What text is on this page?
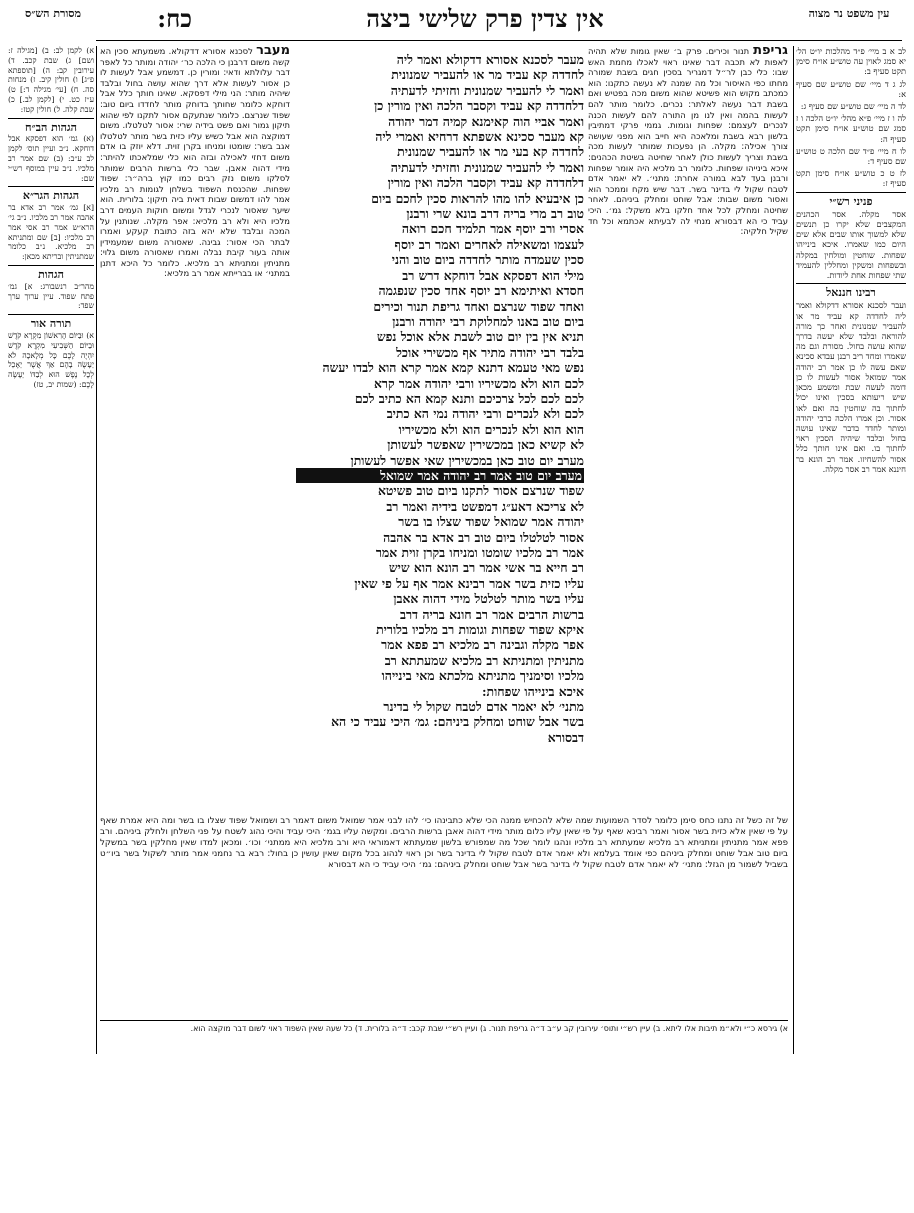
מסורת הש״ס	עין משפט נר מצוה
כח:	אין צדין פרק שלישי ביצה
לב א ב מיי׳ פ״ד מהלכות יו״ט הל׳ יא סמג לאוין עה טוש״ע או״ח סימן תקט סעיף ב:
לג ג ד מיי׳ שם טוש״ע שם סעיף א:
לד ה מיי׳ שם טוש״ע שם סעיף ג:
לה ו ז מיי׳ פ״א מהל׳ יו״ט הלכה ו ז סמג שם טוש״ע או״ח סימן תקט סעיף ה:
לו ח מיי׳ פ״ד שם הלכה ט טוש״ע שם סעיף ד:
לז ט כ טוש״ע או״ח סימן תקט סעיף ז:
פניני רש״י
אסר מקלה. אסר הכהנים המקצבים שלא יקרו כן תנשים שלא למשוך אותו שבים אלא שים היום כמו שאמרו. איכא בינייהו שפחות. שוחטין ומולחין במקלה ובשפחות ומשקין ומחללין להעמיד שתי שפחות אחת ליודות.
רבינו חננאל
ועבר לסכנא אסורא דדקולא ואמר ליה לחדדה קא עביד מר או להעביר שמנונית ואחר כך מורה להוראה ובלבד שלא יעשה בדרך שהוא עושה בחול. מסורת וגם מה שאמרו ומחד ריב רבנן עבדא סכינא שאם עשה לו כן אמר רב יהודה אמר שמואל אסור לעשות לו כן דומה לעשה שבת ומשמע מכאן שיש ריעותא בסכין ואינו יכול לחתוך בה שוחטין בה ואם לאו אסור. וכן אמרו הלכה כרבי יהודה ומותר לחדד בדבר שאינו עושה בחול ובלבד שיהיה הסכין ראוי לחתוך בו. ואם אינו חותך כלל אסור להשחיזו. אמר רב הונא בר חיננא אמר רב אסר מקלה.
גריפת תנור וכירים. פרק ב׳ שאין גומות שלא תהיה לאפות לא תכבה דבר שאינו ראוי לאכלו מחמת האש שבו: כלי כבן לר״ל דמגריר בסכין חגים בשבת שמורה מחתו כפי האיסור וכל מה שמנה לא נעשה כתקנו: הוא כמכתב מקוש הוא פשיטא שהוא משום מכה בפטיש ואם בשבת דבר נעשה לאלתר: נכרים. כלומר מותר להם לעשות בהמה ואין לנו מן התורה להם לעשות הכנה לנכרים לעצמם: שפחות וגומות. גממי פרקי דמתיבין בלשון רבא בשבת ומלאכה היא חייב הוא מפני שעושה צורך אכילה: מקלה. הן נפעכות שמותר לעשות מכה בשבת וצריך לעשות כולן לאחר שחיטה בשיטת הכהנים: איכא בינייהו שפחות. כלומר רב מלכיא היה אומר שפחות ורבנן בעד לבא במורה אחרת: מתני׳. לא יאמר אדם לטבח שקול לי בדינר בשר. דבר שיש מקח וממכר הוא ואסור משום שבות: אבל שוחט ומחלק ביניהם. לאחר שחיטה ומחלק לכל אחד חלקו בלא משקל: גמ׳. היכי עביד כי הא דבסורא מנחי לה לבעיתא אכתמא וכל חד שקיל חלקיה:
מעבר לסכנא אסורא דדקולא. משמעתא סכין הא קשה משום דרבנן כי הלכה כר׳ יהודה ומותר כל לאפר דבר עלולתא ודאי: ומורין כן. דמשמע אבל לעשות לו כן אסור לעשות אלא דרך שהוא עושה בחול ובלבד שיהיה מותר: הני מילי דפסקא. שאינו חותך כלל אבל דוחקא כלומר שחותך בדוחק מותר לחדדו ביום טוב: שפוד שנרצם. כלומר שנתעקם אסור לתקנו לפי שהוא תיקון גמור ואם פשט בידיה שרי: אסור לטלטלו. משום דמוקצה הוא אבל כשיש עליו כזית בשר מותר לטלטלו אגב בשר: שומטו ומניחו בקרן זוית. דלא יוזק בו אדם משום דחזי לאכילה ובזה הוא כלי שמלאכתו להיתר: מידי דהוה אאבן. שבר כלי ברשות הרבים שמותר לסלקו משום נזק רבים כמו קוץ ברה״ר: שפוד שפחות. שהכנסת השפוד בשלחן לגומות רב מלכיו אמר להו דמשום שבות דאית ביה תיקון: בלורית. הוא שיער שאסור לנכרי לגדל ומשום חוקות העמים דרב מלכיו היא ולא רב מלכיא: אפר מקלה. שנותנין על המכה ובלבד שלא יהא בזה כתובת קעקע ואמרו לבתר הכי אסור: גבינה. שאסורה משום שמעמידין אותה בעור קיבת נבלה ואמרו שאסורה משום גלוי: מתניתין ומתניתא רב מלכיא. כלומר כל היכא דתנן במתני׳ או בברייתא אמר רב מלכיא:
מעבר לסכנא אסורא דדקולא ואמר ליה
לחדדה קא עביד מר או להעביר שמנונית
ואמר לי להעביר שמנונית וחזיתי לדעתיה
דלחדדה קא עביד וקסבר הלכה ואין מורין כן
ואמר אביי הוה קאימנא קמיה דמר יהודה
קא מעבר סכינא אשפתא דרחיא ואמרי ליה
לחדדה קא בעי מר או להעביר שמנונית
ואמר לי להעביר שמנונית וחזיתי לדעתיה
דלחדדה קא עביד וקסבר הלכה ואין מורין
כן איבעיא להו מהו להראות סכין לחכם ביום
טוב רב מרי בריה דרב בונא שרי ורבנן
אסרי ורב יוסף אמר תלמיד חכם רואה
לעצמו ומשאילה לאחרים ואמר רב יוסף
סכין שעמדה מותר לחדדה ביום טוב והני
מילי הוא דפסקא אבל דוחקא דרש רב
חסדא ואיתימא רב יוסף אחד סכין שנפגמה
ואחד שפוד שנרצם ואחד גריפת תנור וכירים
ביום טוב באנו למחלוקת רבי יהודה ורבנן
תניא אין בין יום טוב לשבת אלא אוכל נפש
בלבד רבי יהודה מתיר אף מכשירי אוכל
נפש מאי טעמא דתנא קמא אמר קרא הוא לבדו יעשה
לכם הוא ולא מכשיריו ורבי יהודה אמר קרא
לכם לכם לכל צרכיכם ותנא קמא הא כתיב לכם
לכם ולא לנכרים ורבי יהודה נמי הא כתיב
הוא הוא ולא לנכרים הוא ולא מכשיריו
לא קשיא כאן במכשירין שאפשר לעשותן
מערב יום טוב כאן במכשירין שאי אפשר לעשותן
מערב יום טוב אמר רב יהודה אמר שמואל
שפוד שנרצם אסור לתקנו ביום טוב פשיטא
לא צריכא דאע״ג דמפשט בידיה ואמר רב
יהודה אמר שמואל שפוד שצלו בו בשר
אסור לטלטלו ביום טוב רב אדא בר אהבה
אמר רב מלכיו שומטו ומניחו בקרן זוית אמר
רב חייא בר אשי אמר רב הונא הוא שיש
עליו כזית בשר אמר רבינא אמר אף על פי שאין
עליו בשר מותר לטלטל מידי דהוה אאבן
ברשות הרבים אמר רב חונא בריה דרב
איקא שפוד שפחות וגומות רב מלכיו בלורית
אפר מקלה וגבינה רב מלכיא רב פפא אמר
מתניתין ומתניתא רב מלכיא שמעתתא רב
מלכיו וסימניך מתניתא מלכתא מאי בינייהו
איכא בינייהו שפחות:
מתני׳ לא יאמר אדם לטבח שקול לי בדינר
בשר אבל שוחט ומחלק ביניהם: גמ׳ היכי עביד כי הא
דבסורא
של זה כשל זה נתנו כחס סימן כלומר לסדר השמועות שמה שלא להכחיש ממנה הכי שלא כתבינהו כי׳ להו לבני אמר שמואל משום דאמר רב ושמואל שפוד שצלו בו בשר ומה היא אמרת שאף על פי שאין אלא כזית בשר אסור ואמר רבינא שאף על פי שאין עליו כלום מותר מידי דהוה אאבן ברשות הרבים. ומקשה עליו בגמ׳ היכי עביד והיכי נהוג לשטח על פני השלחן ולחלק ביניהם. ורב פפא אמר מתניתין ומתניתא רב מלכיא שמעתתא רב מלכיו ונהגו לומר שכל מה שמפורש בלשון שמעתתא דאמוראי היא ורב מלכיא היא ממתני׳ וכו׳. ומכאן למדו שאין מחלקין בשר במשקל ביום טוב אבל שוחט ומחלק ביניהם כפי אומד בעלמא ולא יאמר אדם לטבח שקול לי בדינר בשר וכן ראוי לנהוג בכל מקום שאין עושין כן בחול: רבא בר נחמני אמר מותר לשקול בשר ביו״ט בשביל לשמור מן הגזל: מתני׳ לא יאמר אדם לטבח שקול לי בדינר בשר אבל שוחט ומחלק ביניהם: גמ׳ היכי עביד כי הא דבסורא
א) לקמן לב: ב) [מגילה ז: ושם] ג) שבת קכב. ד) עירובין קב: ה) [תוספתא פ״ג] ו) חולין קיב. ז) מנחות סה. ח) [עי׳ מגילה ד:] ט) ע״ז כט. י) [לקמן לב.] כ) שבת קלה. ל) חולין קטז:
הגהות הב״ח
(א) גמ׳ הוא דפסקא אבל דוחקא. נ״ב ועיין תוס׳ לקמן לב ע״ב: (ב) שם אמר רב מלכיו. נ״ב עיין במוסף רש״י שם:
הגהות הגר״א
[א] גמ׳ אמר רב אדא בר אהבה אמר רב מלכיו. נ״ב גי׳ הרא״ש אמר רב אסי אמר רב מלכיו: [ב] שם ומתניתא רב מלכיא. נ״ב כלומר שמתניתין ובריתא מכאן:
הגהות
מהר״ב רנשבורג: א] גמ׳ פתח שפוד. עיין ערוך ערך שפד:
תורה אור
א) וּבַיּוֹם הָרִאשׁוֹן מִקְרָא קֹדֶשׁ וּבַיּוֹם הַשְּׁבִיעִי מִקְרָא קֹדֶשׁ יִהְיֶה לָכֶם כָּל מְלָאכָה לֹא יֵעָשֶׂה בָהֶם אַךְ אֲשֶׁר יֵאָכֵל לְכָל נֶפֶשׁ הוּא לְבַדּוֹ יֵעָשֶׂה לָכֶם: (שמות יב, טז)
א) גירסא כ״י ולא״מ תיבות אלו ליתא. ב) עיין רש״י ותוס׳ עירובין קב ע״ב ד״ה גריפת תנור. ג) ועיין רש״י שבת קכב: ד״ה בלורית. ד) כל שעה שאין השפוד ראוי לשום דבר מוקצה הוא.
